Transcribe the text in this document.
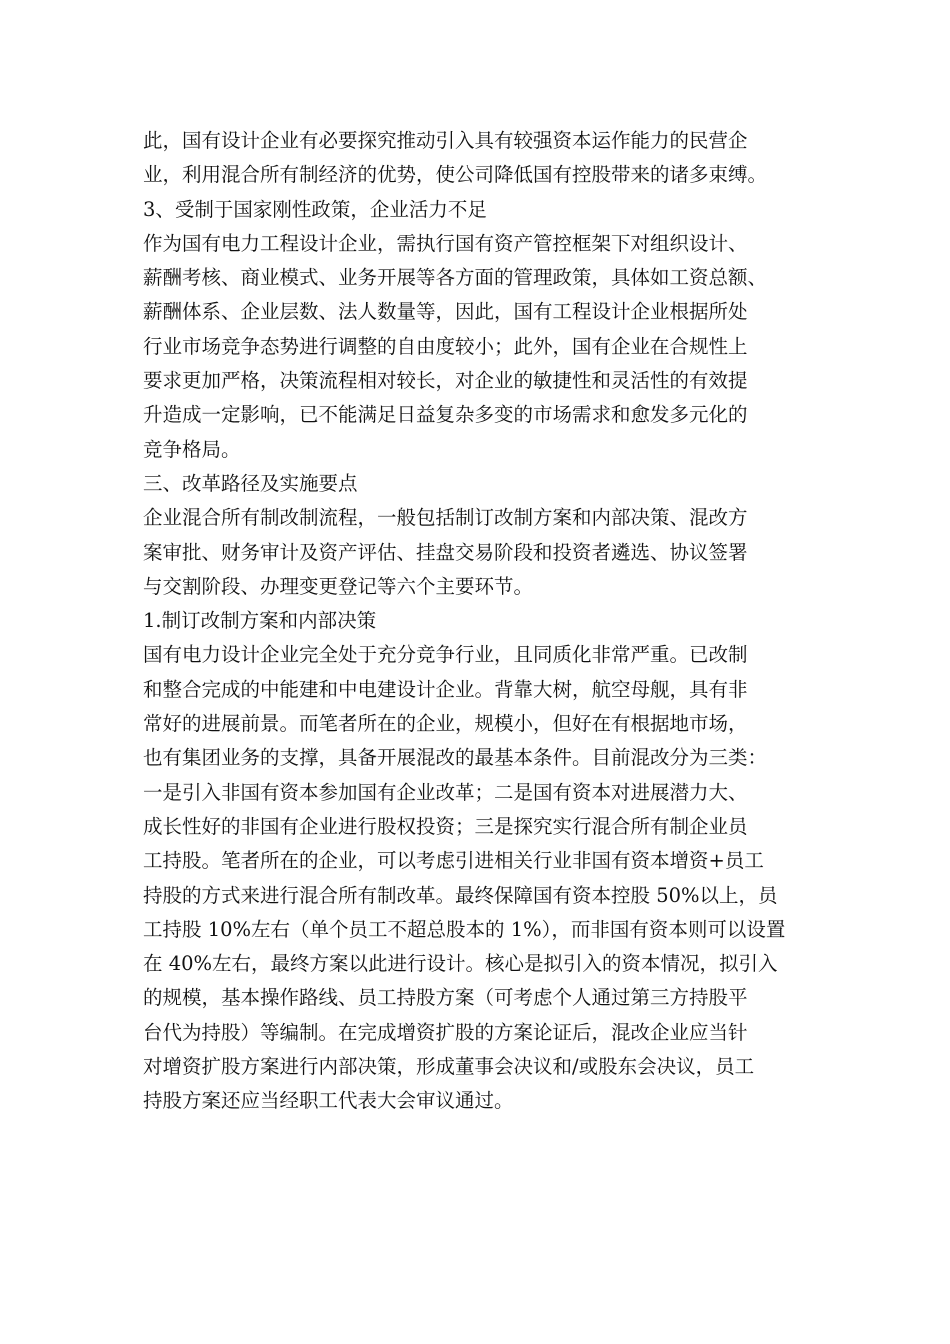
此，国有设计企业有必要探究推动引入具有较强资本运作能力的民营企
业，利用混合所有制经济的优势，使公司降低国有控股带来的诸多束缚。
3、受制于国家刚性政策，企业活力不足
作为国有电力工程设计企业，需执行国有资产管控框架下对组织设计、
薪酬考核、商业模式、业务开展等各方面的管理政策，具体如工资总额、
薪酬体系、企业层数、法人数量等，因此，国有工程设计企业根据所处
行业市场竞争态势进行调整的自由度较小；此外，国有企业在合规性上
要求更加严格，决策流程相对较长，对企业的敏捷性和灵活性的有效提
升造成一定影响，已不能满足日益复杂多变的市场需求和愈发多元化的
竞争格局。
三、改革路径及实施要点
企业混合所有制改制流程，一般包括制订改制方案和内部决策、混改方
案审批、财务审计及资产评估、挂盘交易阶段和投资者遴选、协议签署
与交割阶段、办理变更登记等六个主要环节。
1.制订改制方案和内部决策
国有电力设计企业完全处于充分竞争行业，且同质化非常严重。已改制
和整合完成的中能建和中电建设计企业。背靠大树，航空母舰，具有非
常好的进展前景。而笔者所在的企业，规模小，但好在有根据地市场，
也有集团业务的支撑，具备开展混改的最基本条件。目前混改分为三类：
一是引入非国有资本参加国有企业改革；二是国有资本对进展潜力大、
成长性好的非国有企业进行股权投资；三是探究实行混合所有制企业员
工持股。笔者所在的企业，可以考虑引进相关行业非国有资本增资+员工
持股的方式来进行混合所有制改革。最终保障国有资本控股 50%以上，员
工持股 10%左右（单个员工不超总股本的 1%），而非国有资本则可以设置
在 40%左右，最终方案以此进行设计。核心是拟引入的资本情况，拟引入
的规模，基本操作路线、员工持股方案（可考虑个人通过第三方持股平
台代为持股）等编制。在完成增资扩股的方案论证后，混改企业应当针
对增资扩股方案进行内部决策，形成董事会决议和/或股东会决议，员工
持股方案还应当经职工代表大会审议通过。
